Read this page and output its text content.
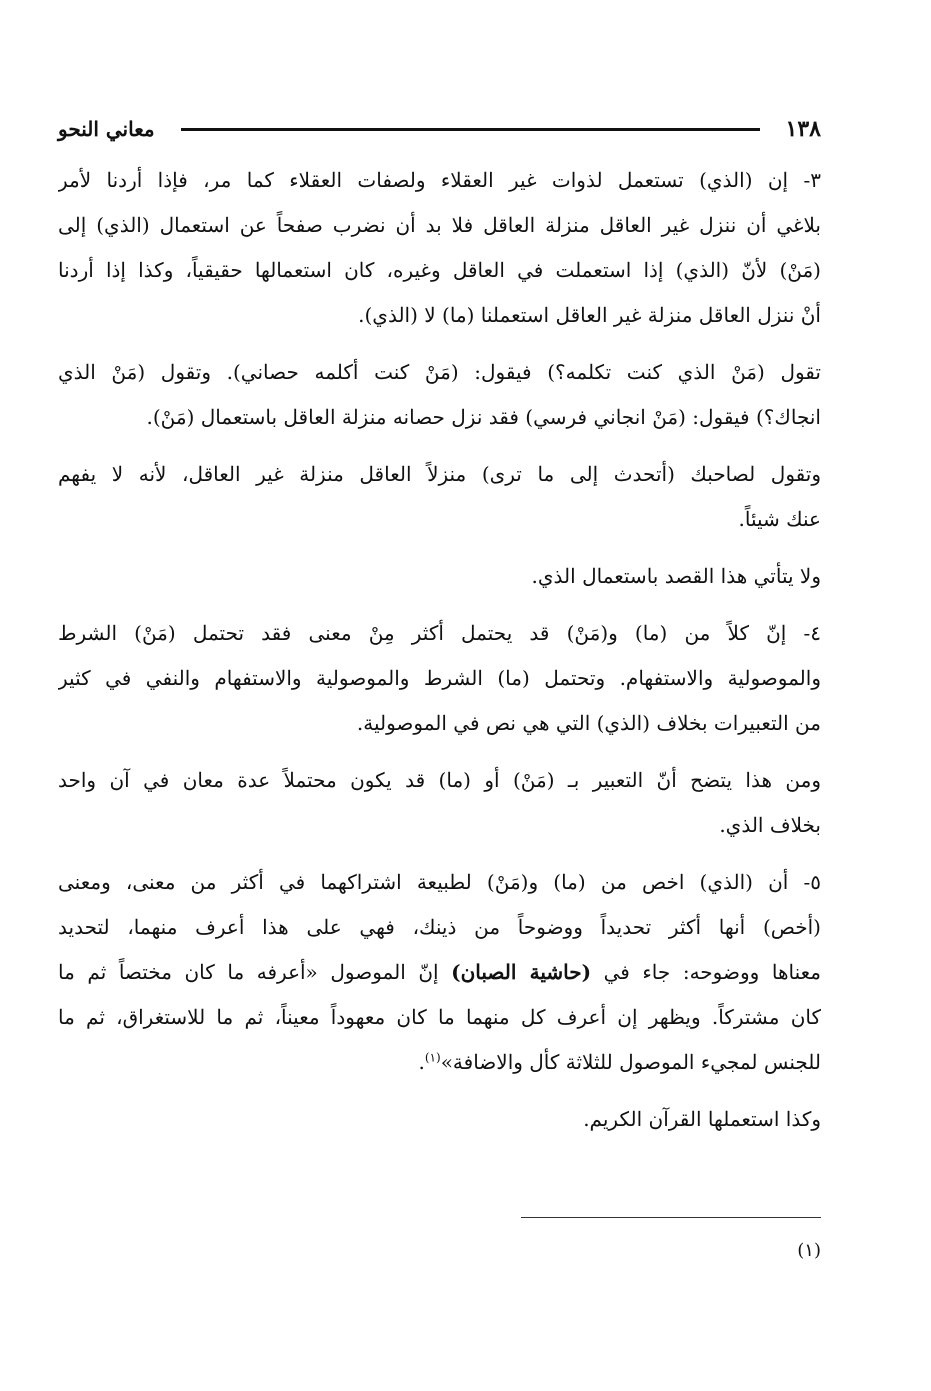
١٣٨
معاني النحو
٣- إن (الذي) تستعمل لذوات غير العقلاء ولصفات العقلاء كما مر، فإذا أردنا لأمر
بلاغي أن ننزل غير العاقل منزلة العاقل فلا بد أن نضرب صفحاً عن استعمال (الذي) إلى
(مَنْ) لأنّ (الذي) إذا استعملت في العاقل وغيره، كان استعمالها حقيقياً، وكذا إذا أردنا
أنْ ننزل العاقل منزلة غير العاقل استعملنا (ما) لا (الذي).
تقول (مَنْ الذي كنت تكلمه؟) فيقول: (مَنْ كنت أكلمه حصاني). وتقول (مَنْ الذي
انجاك؟) فيقول: (مَنْ انجاني فرسي) فقد نزل حصانه منزلة العاقل باستعمال (مَنْ).
وتقول لصاحبك (أتحدث إلى ما ترى) منزلاً العاقل منزلة غير العاقل، لأنه لا يفهم
عنك شيئاً.
ولا يتأتي هذا القصد باستعمال الذي.
٤- إنّ كلاً من (ما) و(مَنْ) قد يحتمل أكثر مِنْ معنى فقد تحتمل (مَنْ) الشرط
والموصولية والاستفهام. وتحتمل (ما) الشرط والموصولية والاستفهام والنفي في كثير
من التعبيرات بخلاف (الذي) التي هي نص في الموصولية.
ومن هذا يتضح أنّ التعبير بـ (مَنْ) أو (ما) قد يكون محتملاً عدة معان في آن واحد
بخلاف الذي.
٥- أن (الذي) اخص من (ما) و(مَنْ) لطبيعة اشتراكهما في أكثر من معنى، ومعنى
(أخص) أنها أكثر تحديداً ووضوحاً من ذينك، فهي على هذا أعرف منهما، لتحديد
معناها ووضوحه: جاء في (حاشية الصبان) إنّ الموصول «أعرفه ما كان مختصاً ثم ما
كان مشتركاً. ويظهر إن أعرف كل منهما ما كان معهوداً معيناً، ثم ما للاستغراق، ثم ما
للجنس لمجيء الموصول للثلاثة كأل والاضافة»$^{(١)}$.
وكذا استعملها القرآن الكريم.
(١)
